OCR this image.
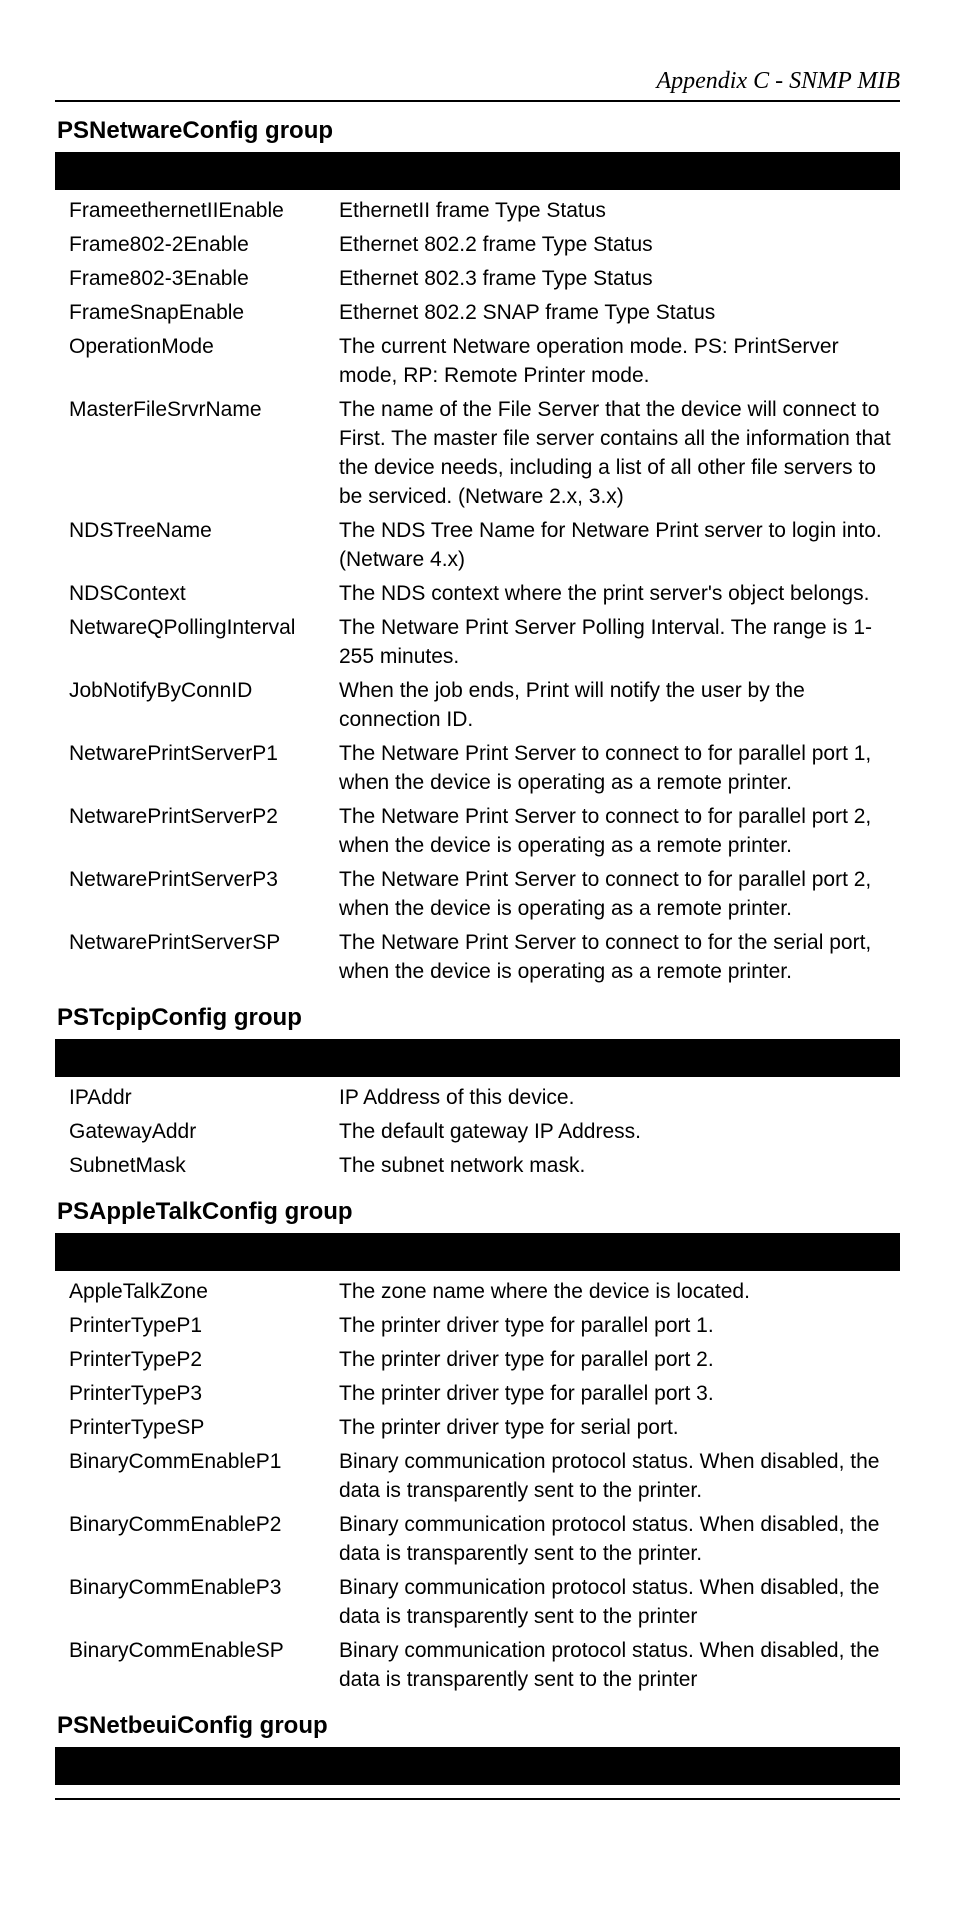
Appendix C - SNMP MIB
PSNetwareConfig group
FrameethernetIIEnable	EthernetII frame Type Status
Frame802-2Enable	Ethernet 802.2 frame Type Status
Frame802-3Enable	Ethernet 802.3 frame Type Status
FrameSnapEnable	Ethernet 802.2 SNAP frame Type Status
OperationMode	The current Netware operation mode. PS: PrintServer mode, RP: Remote Printer mode.
MasterFileSrvrName	The name of the File Server that the device will connect to First. The master file server contains all the information that the device needs, including a list of all other file servers to be serviced. (Netware 2.x, 3.x)
NDSTreeName	The NDS Tree Name for Netware Print server to login into. (Netware 4.x)
NDSContext	The NDS context where the print server's object belongs.
NetwareQPollingInterval	The Netware Print Server Polling Interval. The range is 1-255 minutes.
JobNotifyByConnID	When the job ends, Print will notify the user by the connection ID.
NetwarePrintServerP1	The Netware Print Server to connect to for parallel port 1, when the device is operating as a remote printer.
NetwarePrintServerP2	The Netware Print Server to connect to for parallel port 2, when the device is operating as a remote printer.
NetwarePrintServerP3	The Netware Print Server to connect to for parallel port 2, when the device is operating as a remote printer.
NetwarePrintServerSP	The Netware Print Server to connect to for the serial port, when the device is operating as a remote printer.
PSTcpipConfig group
IPAddr	IP Address of this device.
GatewayAddr	The default gateway IP Address.
SubnetMask	The subnet network mask.
PSAppleTalkConfig group
AppleTalkZone	The zone name where the device is located.
PrinterTypeP1	The printer driver type for parallel port 1.
PrinterTypeP2	The printer driver type for parallel port 2.
PrinterTypeP3	The printer driver type for parallel port 3.
PrinterTypeSP	The printer driver type for serial port.
BinaryCommEnableP1	Binary communication protocol status. When disabled, the data is transparently sent to the printer.
BinaryCommEnableP2	Binary communication protocol status. When disabled, the data is transparently sent to the printer.
BinaryCommEnableP3	Binary communication protocol status. When disabled, the data is transparently sent to the printer
BinaryCommEnableSP	Binary communication protocol status. When disabled, the data is transparently sent to the printer
PSNetbeuiConfig group
